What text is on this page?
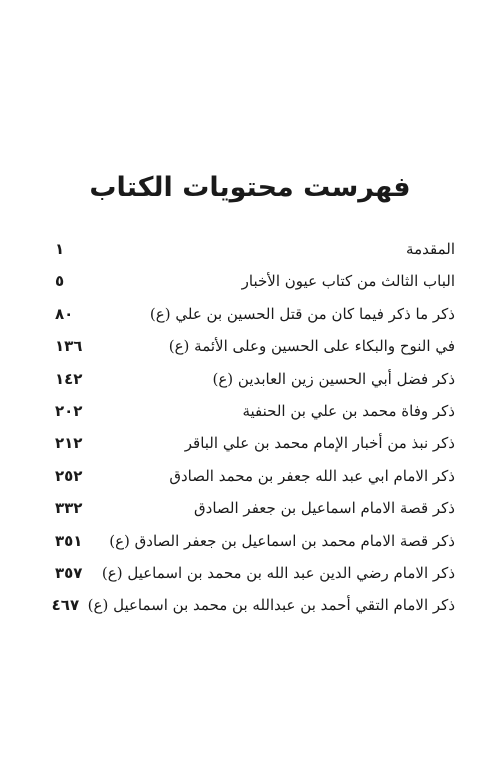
فهرست محتويات الكتاب
المقدمة
١
الباب الثالث من كتاب عيون الأخبار
٥
ذكر ما ذكر فيما كان من قتل الحسين بن علي (ع)
٨٠
في النوح والبكاء على الحسين وعلى الأئمة (ع)
١٣٦
ذكر فضل أبي الحسين زين العابدين (ع)
١٤٢
ذكر وفاة محمد بن علي بن الحنفية
٢٠٢
ذكر نبذ من أخبار الإمام محمد بن علي الباقر
٢١٢
ذكر الامام ابي عبد الله جعفر بن محمد الصادق
٢٥٢
ذكر قصة الامام اسماعيل بن جعفر الصادق
٣٣٢
ذكر قصة الامام محمد بن اسماعيل بن جعفر الصادق (ع)
٣٥١
ذكر الامام رضي الدين عبد الله بن محمد بن اسماعيل (ع)
٣٥٧
ذكر الامام التقي أحمد بن عبدالله بن محمد بن اسماعيل (ع)
٤٦٧
